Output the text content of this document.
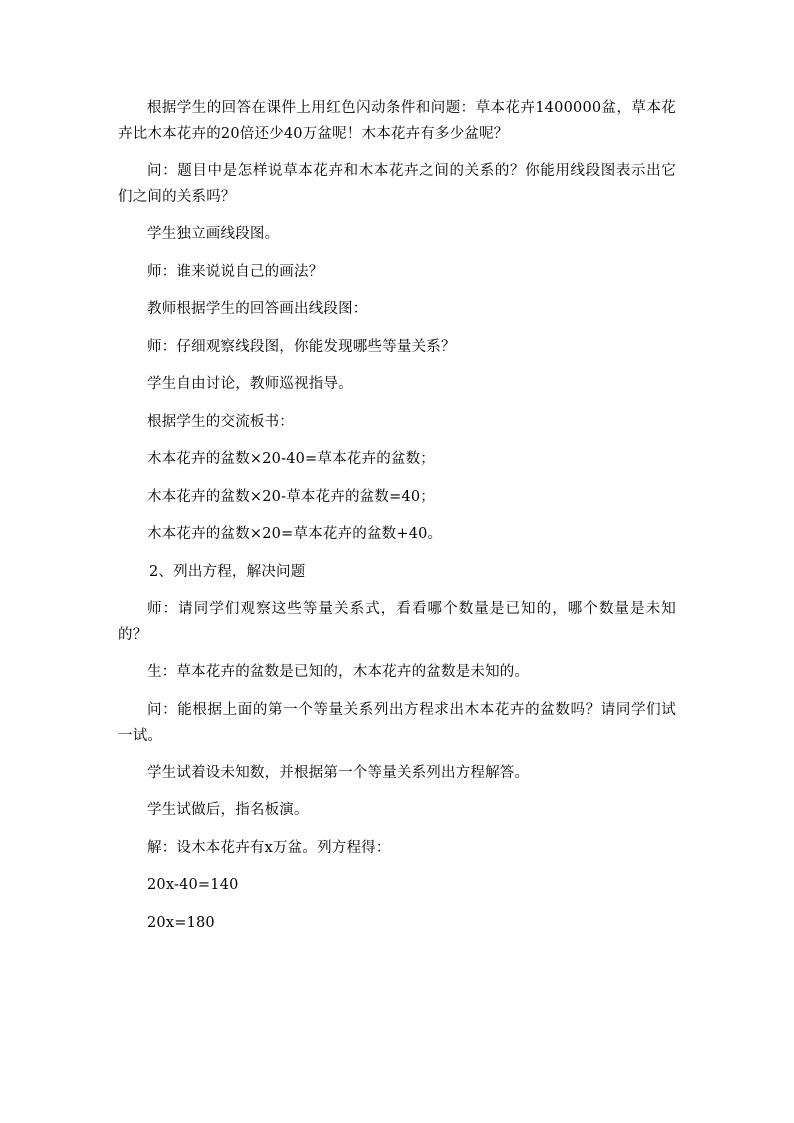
根据学生的回答在课件上用红色闪动条件和问题：草本花卉1400000盆，草本花卉比木本花卉的20倍还少40万盆呢！木本花卉有多少盆呢？

问：题目中是怎样说草本花卉和木本花卉之间的关系的？你能用线段图表示出它们之间的关系吗？

学生独立画线段图。

师：谁来说说自己的画法？

教师根据学生的回答画出线段图：

师：仔细观察线段图，你能发现哪些等量关系？

学生自由讨论，教师巡视指导。

根据学生的交流板书：

木本花卉的盆数×20-40=草本花卉的盆数；

木本花卉的盆数×20-草本花卉的盆数=40；

木本花卉的盆数×20=草本花卉的盆数+40。

2、列出方程，解决问题

师：请同学们观察这些等量关系式，看看哪个数量是已知的，哪个数量是未知的？

生：草本花卉的盆数是已知的，木本花卉的盆数是未知的。

问：能根据上面的第一个等量关系列出方程求出木本花卉的盆数吗？请同学们试一试。

学生试着设未知数，并根据第一个等量关系列出方程解答。

学生试做后，指名板演。

解：设木本花卉有x万盆。列方程得：

20x-40=140

20x=180
